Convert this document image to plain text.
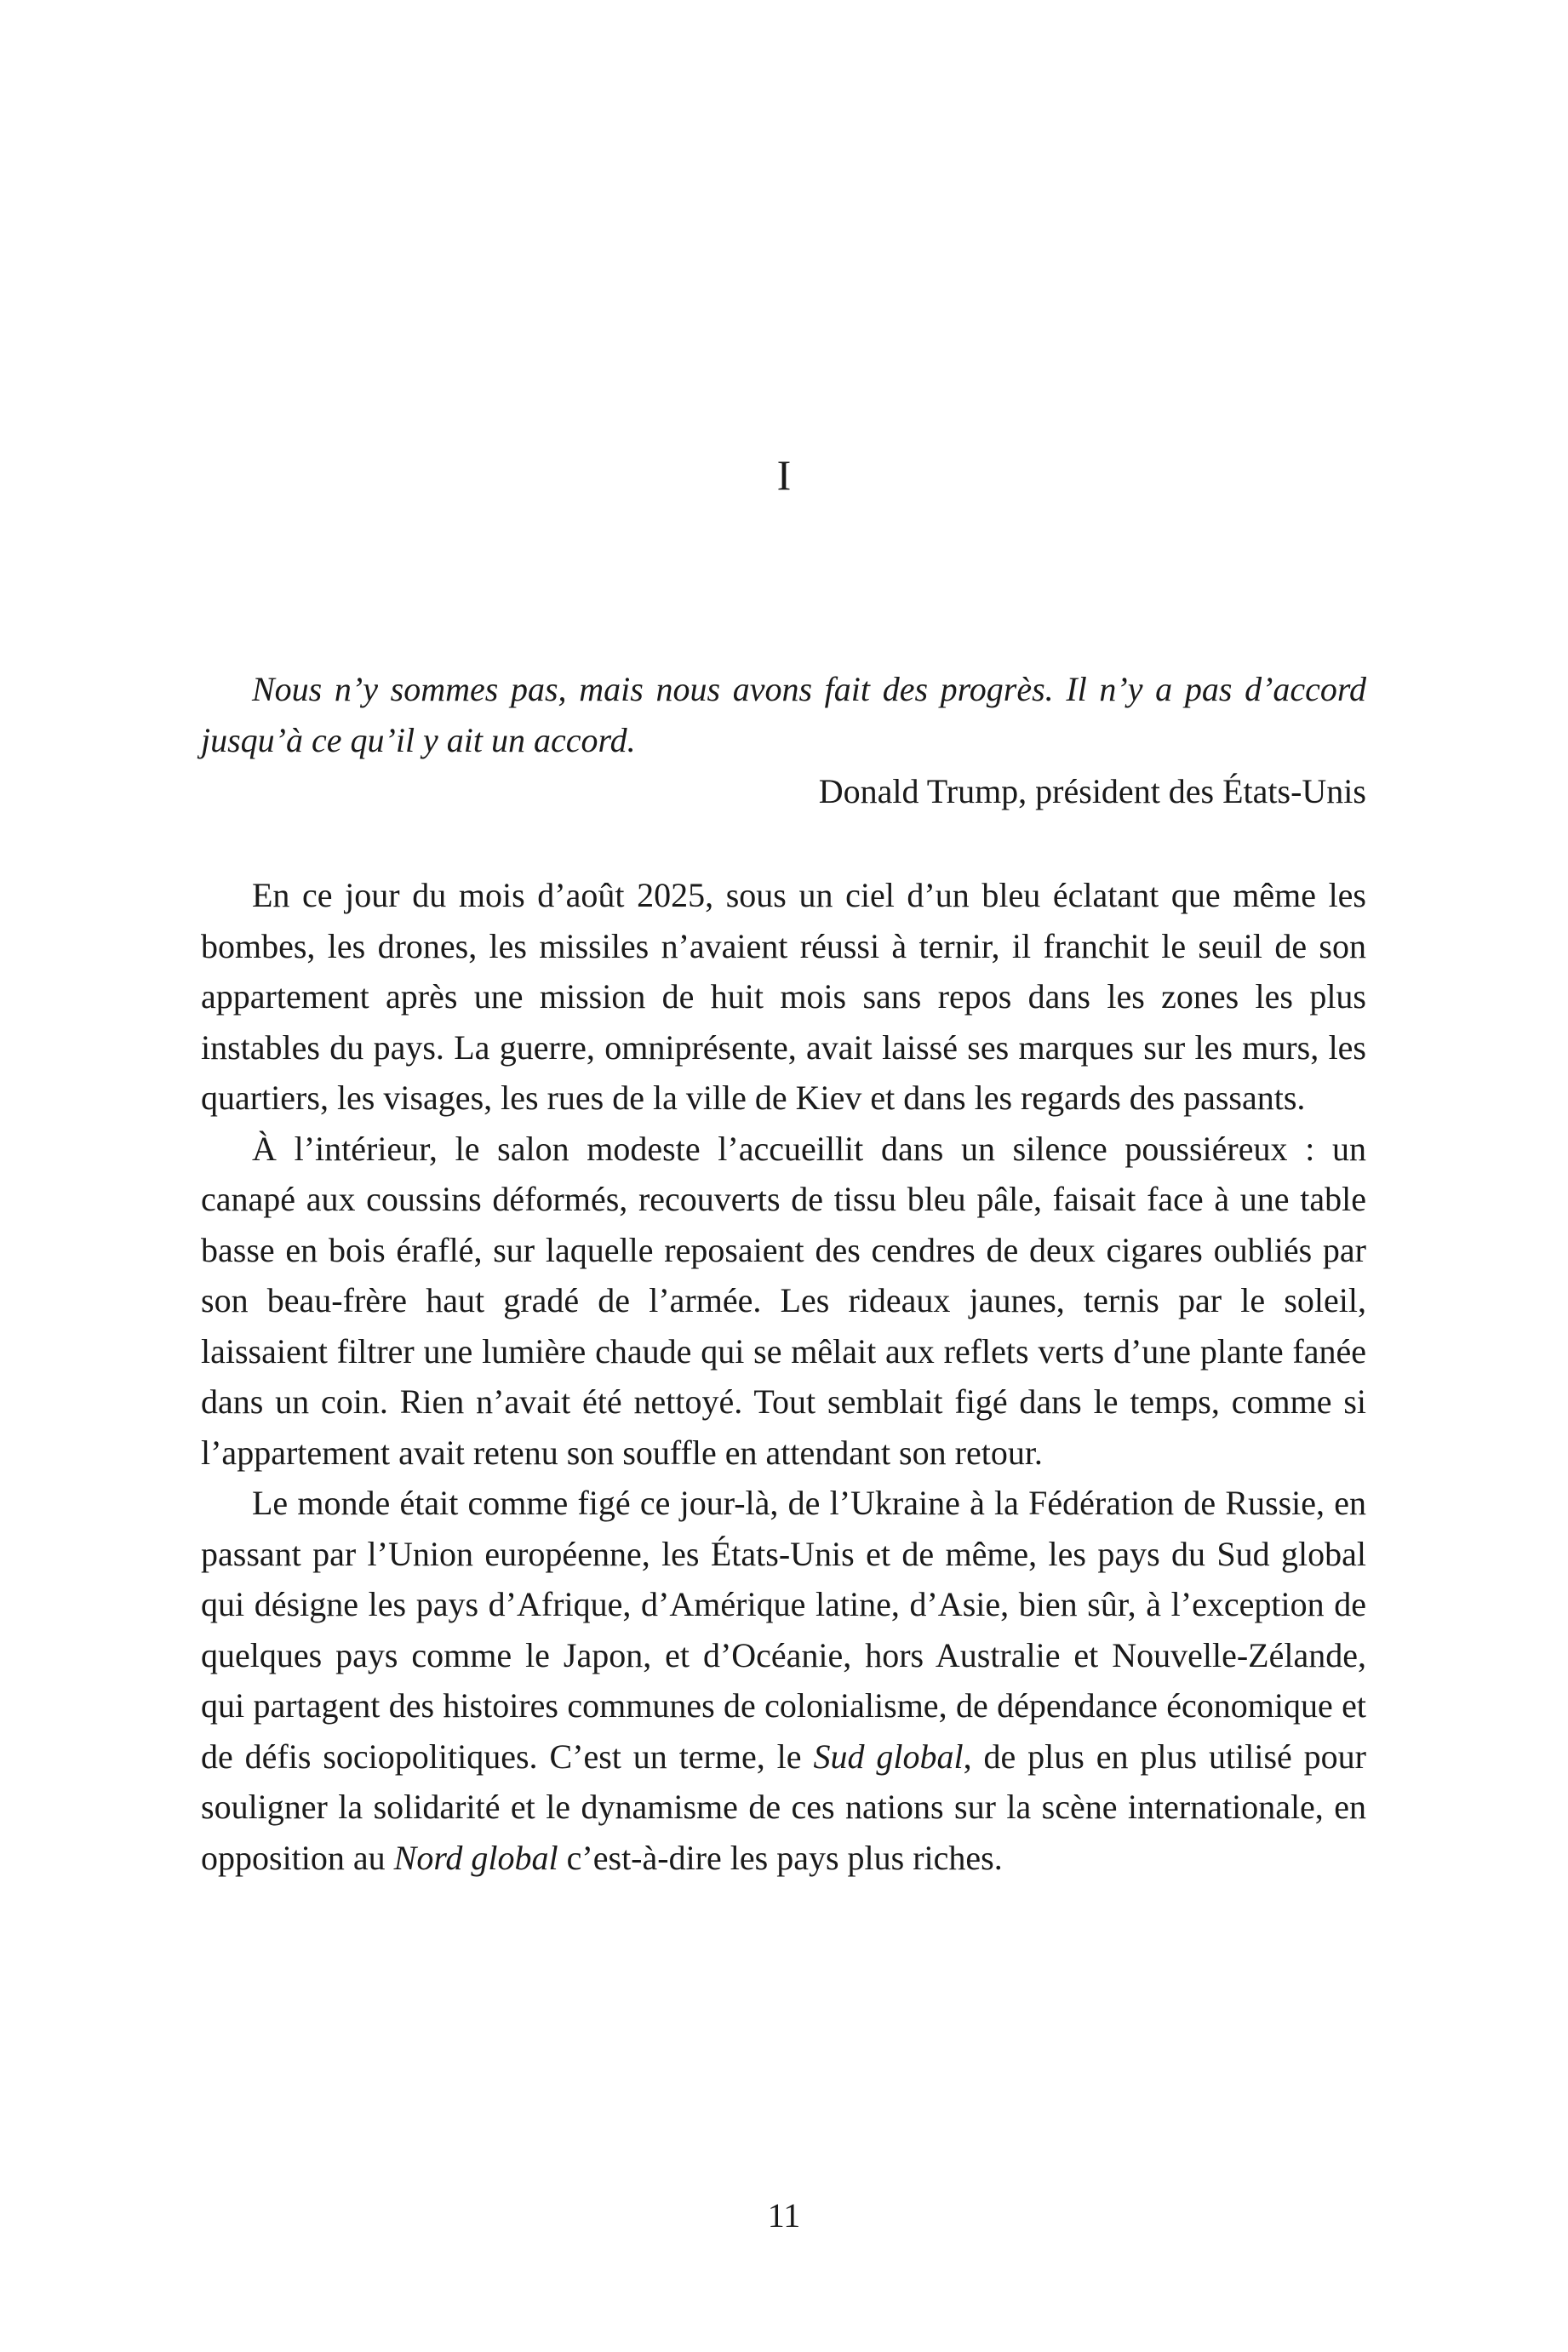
I

Nous n’y sommes pas, mais nous avons fait des progrès. Il n’y a pas d’accord jusqu’à ce qu’il y ait un accord.

Donald Trump, président des États-Unis

En ce jour du mois d’août 2025, sous un ciel d’un bleu éclatant que même les bombes, les drones, les missiles n’avaient réussi à ternir, il franchit le seuil de son appartement après une mission de huit mois sans repos dans les zones les plus instables du pays. La guerre, omniprésente, avait laissé ses marques sur les murs, les quartiers, les visages, les rues de la ville de Kiev et dans les regards des passants.

À l’intérieur, le salon modeste l’accueillit dans un silence poussiéreux : un canapé aux coussins déformés, recouverts de tissu bleu pâle, faisait face à une table basse en bois éraflé, sur laquelle reposaient des cendres de deux cigares oubliés par son beau-frère haut gradé de l’armée. Les rideaux jaunes, ternis par le soleil, laissaient filtrer une lumière chaude qui se mêlait aux reflets verts d’une plante fanée dans un coin. Rien n’avait été nettoyé. Tout semblait figé dans le temps, comme si l’appartement avait retenu son souffle en attendant son retour.

Le monde était comme figé ce jour-là, de l’Ukraine à la Fédération de Russie, en passant par l’Union européenne, les États-Unis et de même, les pays du Sud global qui désigne les pays d’Afrique, d’Amérique latine, d’Asie, bien sûr, à l’exception de quelques pays comme le Japon, et d’Océanie, hors Australie et Nouvelle-Zélande, qui partagent des histoires communes de colonialisme, de dépendance économique et de défis sociopolitiques. C’est un terme, le Sud global, de plus en plus utilisé pour souligner la solidarité et le dynamisme de ces nations sur la scène internationale, en opposition au Nord global c’est-à-dire les pays plus riches.

11
